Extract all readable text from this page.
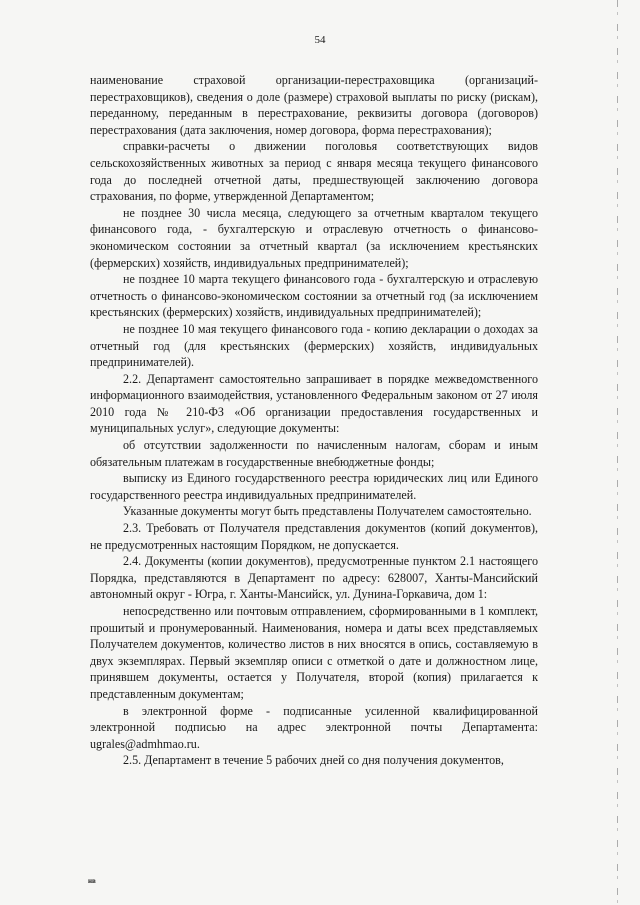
54

наименование страховой организации-перестраховщика (организаций-перестраховщиков), сведения о доле (размере) страховой выплаты по риску (рискам), переданному, переданным в перестрахование, реквизиты договора (договоров) перестрахования (дата заключения, номер договора, форма перестрахования);

справки-расчеты о движении поголовья соответствующих видов сельскохозяйственных животных за период с января месяца текущего финансового года до последней отчетной даты, предшествующей заключению договора страхования, по форме, утвержденной Департаментом;

не позднее 30 числа месяца, следующего за отчетным кварталом текущего финансового года, - бухгалтерскую и отраслевую отчетность о финансово-экономическом состоянии за отчетный квартал (за исключением крестьянских (фермерских) хозяйств, индивидуальных предпринимателей);

не позднее 10 марта текущего финансового года - бухгалтерскую и отраслевую отчетность о финансово-экономическом состоянии за отчетный год (за исключением крестьянских (фермерских) хозяйств, индивидуальных предпринимателей);

не позднее 10 мая текущего финансового года - копию декларации о доходах за отчетный год (для крестьянских (фермерских) хозяйств, индивидуальных предпринимателей).

2.2. Департамент самостоятельно запрашивает в порядке межведомственного информационного взаимодействия, установленного Федеральным законом от 27 июля 2010 года № 210-ФЗ «Об организации предоставления государственных и муниципальных услуг», следующие документы:

об отсутствии задолженности по начисленным налогам, сборам и иным обязательным платежам в государственные внебюджетные фонды;

выписку из Единого государственного реестра юридических лиц или Единого государственного реестра индивидуальных предпринимателей.

Указанные документы могут быть представлены Получателем самостоятельно.

2.3. Требовать от Получателя представления документов (копий документов), не предусмотренных настоящим Порядком, не допускается.

2.4. Документы (копии документов), предусмотренные пунктом 2.1 настоящего Порядка, представляются в Департамент по адресу: 628007, Ханты-Мансийский автономный округ - Югра, г. Ханты-Мансийск, ул. Дунина-Горкавича, дом 1:

непосредственно или почтовым отправлением, сформированными в 1 комплект, прошитый и пронумерованный. Наименования, номера и даты всех представляемых Получателем документов, количество листов в них вносятся в опись, составляемую в двух экземплярах. Первый экземпляр описи с отметкой о дате и должностном лице, принявшем документы, остается у Получателя, второй (копия) прилагается к представленным документам;

в электронной форме - подписанные усиленной квалифицированной электронной подписью на адрес электронной почты Департамента: ugrales@admhmao.ru.

2.5. Департамент в течение 5 рабочих дней со дня получения документов,

нв
